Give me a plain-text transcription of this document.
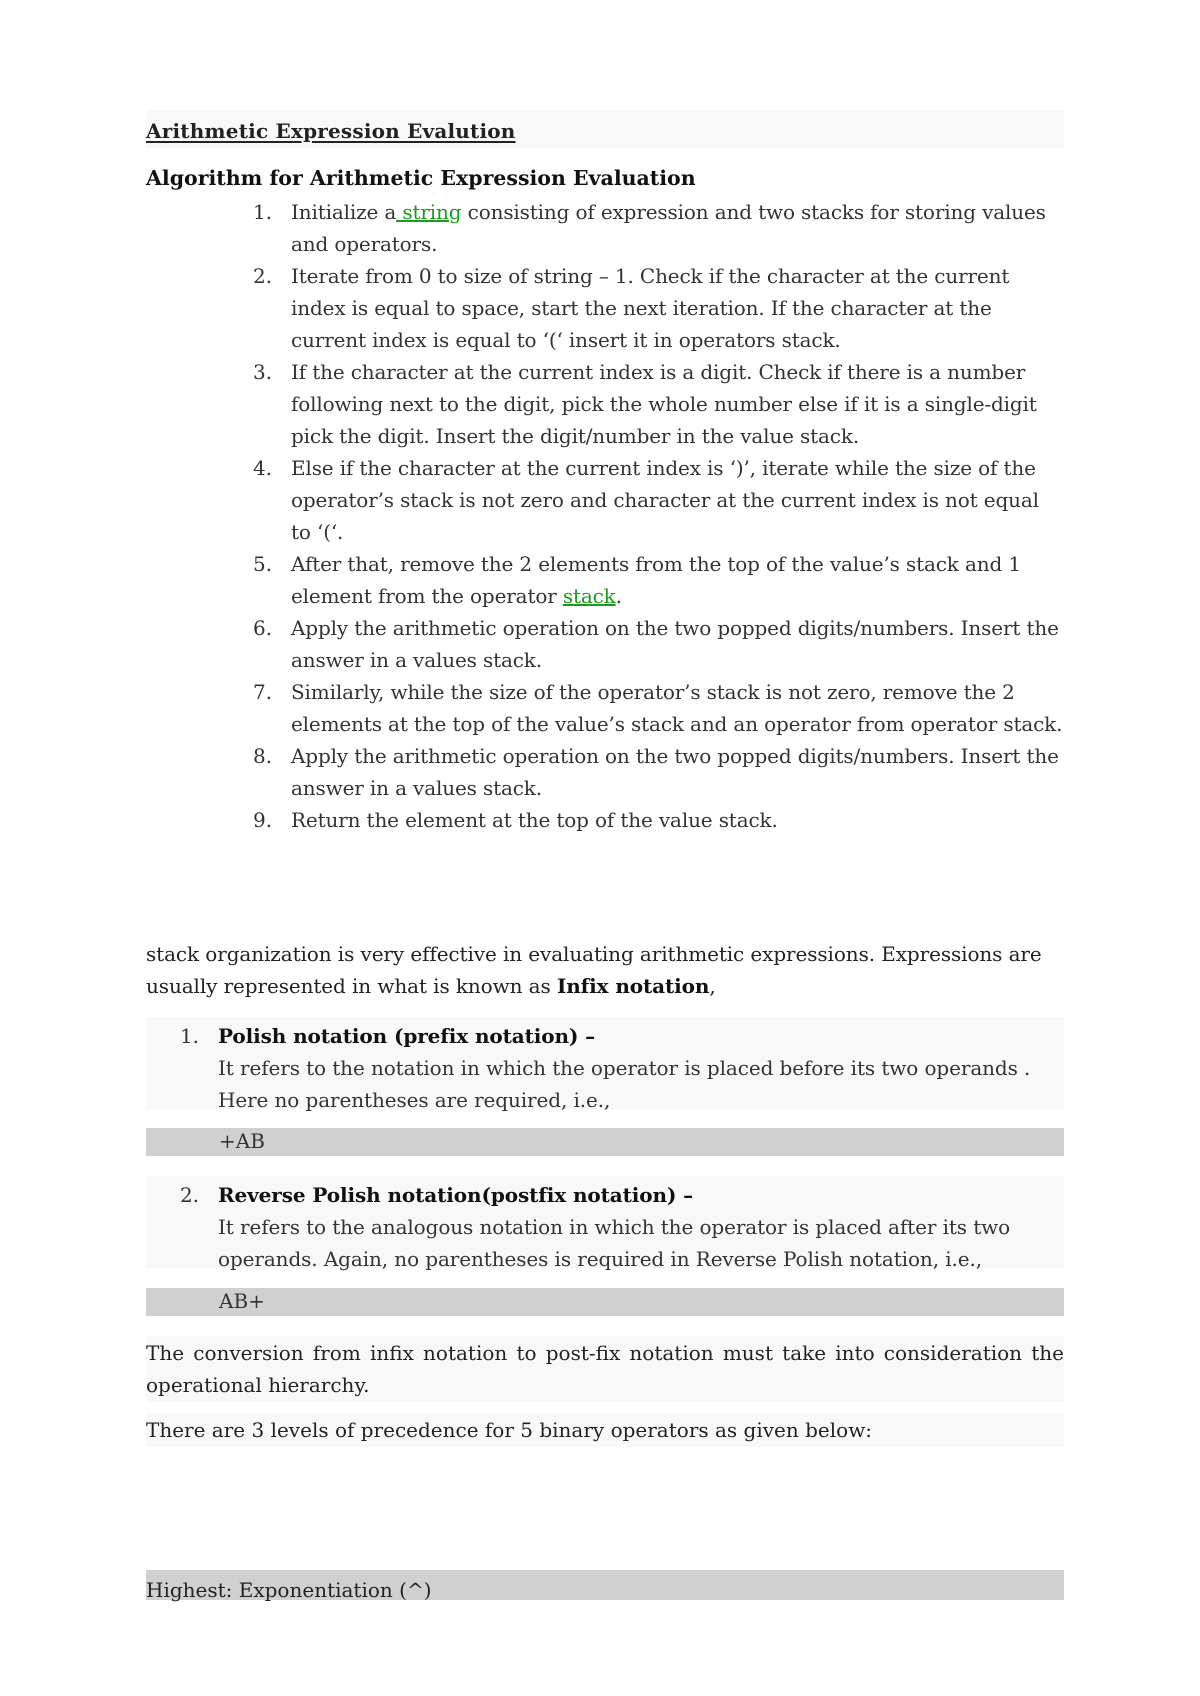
Arithmetic Expression Evalution
Algorithm for Arithmetic Expression Evaluation
1. Initialize a string consisting of expression and two stacks for storing values and operators.
2. Iterate from 0 to size of string – 1. Check if the character at the current index is equal to space, start the next iteration. If the character at the current index is equal to ‘(‘ insert it in operators stack.
3. If the character at the current index is a digit. Check if there is a number following next to the digit, pick the whole number else if it is a single-digit pick the digit. Insert the digit/number in the value stack.
4. Else if the character at the current index is ‘)’, iterate while the size of the operator’s stack is not zero and character at the current index is not equal to ‘(‘.
5. After that, remove the 2 elements from the top of the value’s stack and 1 element from the operator stack.
6. Apply the arithmetic operation on the two popped digits/numbers. Insert the answer in a values stack.
7. Similarly, while the size of the operator’s stack is not zero, remove the 2 elements at the top of the value’s stack and an operator from operator stack.
8. Apply the arithmetic operation on the two popped digits/numbers. Insert the answer in a values stack.
9. Return the element at the top of the value stack.
stack organization is very effective in evaluating arithmetic expressions. Expressions are usually represented in what is known as Infix notation,
1. Polish notation (prefix notation) –
It refers to the notation in which the operator is placed before its two operands . Here no parentheses are required, i.e.,
+AB
2. Reverse Polish notation(postfix notation) –
It refers to the analogous notation in which the operator is placed after its two operands. Again, no parentheses is required in Reverse Polish notation, i.e.,
AB+
The conversion from infix notation to post-fix notation must take into consideration the operational hierarchy.
There are 3 levels of precedence for 5 binary operators as given below:
Highest: Exponentiation (^)
